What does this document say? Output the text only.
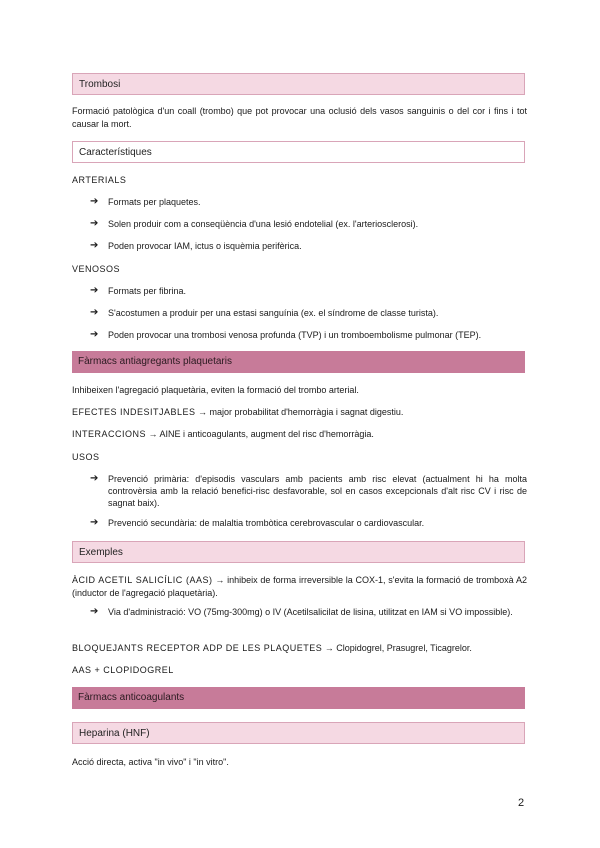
Trombosi
Formació patològica d'un coall (trombo) que pot provocar una oclusió dels vasos sanguinis o del cor i fins i tot causar la mort.
Característiques
ARTERIALS
➔ Formats per plaquetes.
➔ Solen produir com a conseqüència d'una lesió endotelial (ex. l'arteriosclerosi).
➔ Poden provocar IAM, ictus o isquèmia perifèrica.
VENOSOS
➔ Formats per fibrina.
➔ S'acostumen a produir per una estasi sanguínia (ex. el síndrome de classe turista).
➔ Poden provocar una trombosi venosa profunda (TVP) i un tromboembolisme pulmonar (TEP).
Fàrmacs antiagregants plaquetaris
Inhibeixen l'agregació plaquetària, eviten la formació del trombo arterial.
EFECTES INDESITJABLES → major probabilitat d'hemorràgia i sagnat digestiu.
INTERACCIONS → AINE i anticoagulants, augment del risc d'hemorràgia.
USOS
➔ Prevenció primària: d'episodis vasculars amb pacients amb risc elevat (actualment hi ha molta controvèrsia amb la relació benefici-risc desfavorable, sol en casos excepcionals d'alt risc CV i risc de sagnat baix).
➔ Prevenció secundària: de malaltia trombòtica cerebrovascular o cardiovascular.
Exemples
ÀCID ACETIL SALICÍLIC (AAS) → inhibeix de forma irreversible la COX-1, s'evita la formació de tromboxà A2 (inductor de l'agregació plaquetària).
➔ Via d'administració: VO (75mg-300mg) o IV (Acetilsalicilat de lisina, utilitzat en IAM si VO impossible).
BLOQUEJANTS RECEPTOR ADP DE LES PLAQUETES → Clopidogrel, Prasugrel, Ticagrelor.
AAS + CLOPIDOGREL
Fàrmacs anticoagulants
Heparina (HNF)
Acció directa, activa "in vivo" i "in vitro".
2
